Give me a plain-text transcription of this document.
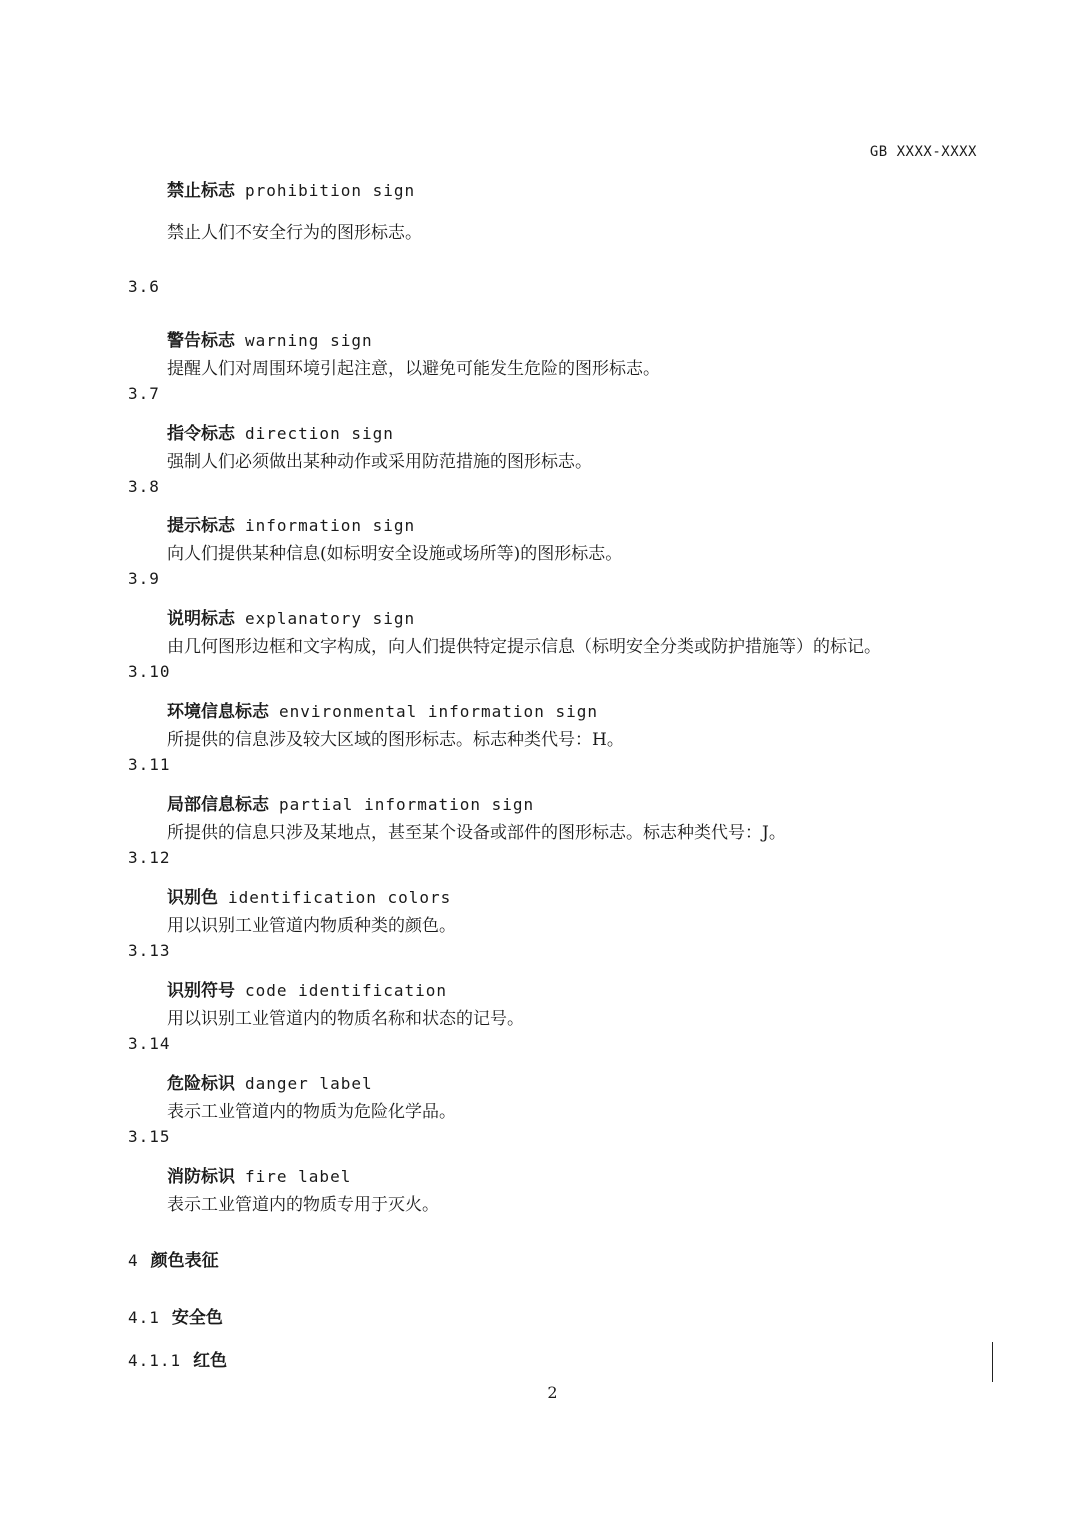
GB XXXX-XXXX
禁止标志 prohibition sign
禁止人们不安全行为的图形标志。
3.6
警告标志 warning sign
提醒人们对周围环境引起注意，以避免可能发生危险的图形标志。
3.7
指令标志 direction sign
强制人们必须做出某种动作或采用防范措施的图形标志。
3.8
提示标志 information sign
向人们提供某种信息(如标明安全设施或场所等)的图形标志。
3.9
说明标志 explanatory sign
由几何图形边框和文字构成，向人们提供特定提示信息（标明安全分类或防护措施等）的标记。
3.10
环境信息标志 environmental information sign
所提供的信息涉及较大区域的图形标志。标志种类代号：H。
3.11
局部信息标志 partial information sign
所提供的信息只涉及某地点，甚至某个设备或部件的图形标志。标志种类代号：J。
3.12
识别色 identification colors
用以识别工业管道内物质种类的颜色。
3.13
识别符号 code identification
用以识别工业管道内的物质名称和状态的记号。
3.14
危险标识 danger label
表示工业管道内的物质为危险化学品。
3.15
消防标识 fire label
表示工业管道内的物质专用于灭火。
4 颜色表征
4.1 安全色
4.1.1 红色
2
